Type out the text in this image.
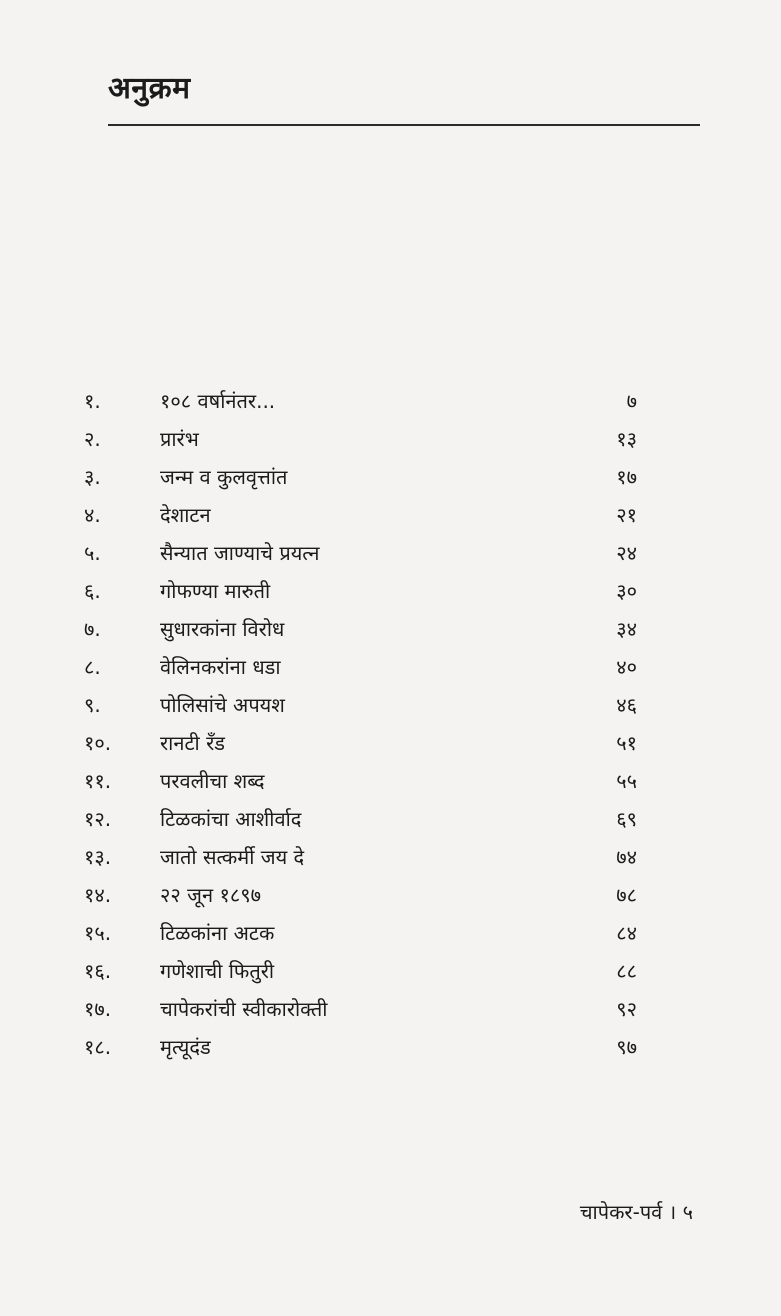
अनुक्रम
१.	१०८ वर्षानंतर...	७
२.	प्रारंभ	१३
३.	जन्म व कुलवृत्तांत	१७
४.	देशाटन	२१
५.	सैन्यात जाण्याचे प्रयत्न	२४
६.	गोफण्या मारुती	३०
७.	सुधारकांना विरोध	३४
८.	वेलिनकरांना धडा	४०
९.	पोलिसांचे अपयश	४६
१०.	रानटी रँड	५१
११.	परवलीचा शब्द	५५
१२.	टिळकांचा आशीर्वाद	६९
१३.	जातो सत्कर्मी जय दे	७४
१४.	२२ जून १८९७	७८
१५.	टिळकांना अटक	८४
१६.	गणेशाची फितुरी	८८
१७.	चापेकरांची स्वीकारोक्ती	९२
१८.	मृत्यूदंड	९७
चापेकर-पर्व । ५
